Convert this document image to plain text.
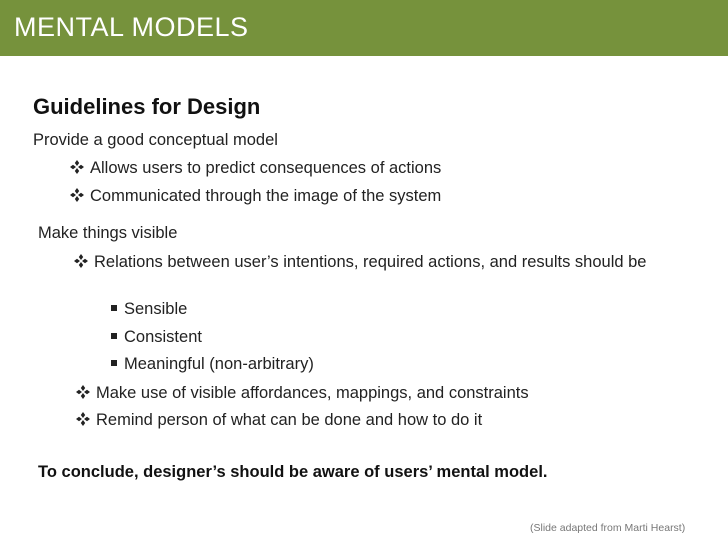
MENTAL MODELS
Guidelines for Design
Provide a good conceptual model
Allows users to predict consequences of actions
Communicated through the image of the system
Make things visible
Relations between user’s intentions, required actions, and results should be
Sensible
Consistent
Meaningful (non-arbitrary)
Make use of visible affordances, mappings, and constraints
Remind person of what can be done and how to do it
To conclude, designer’s should be aware of users’ mental model.
(Slide adapted from Marti Hearst)
